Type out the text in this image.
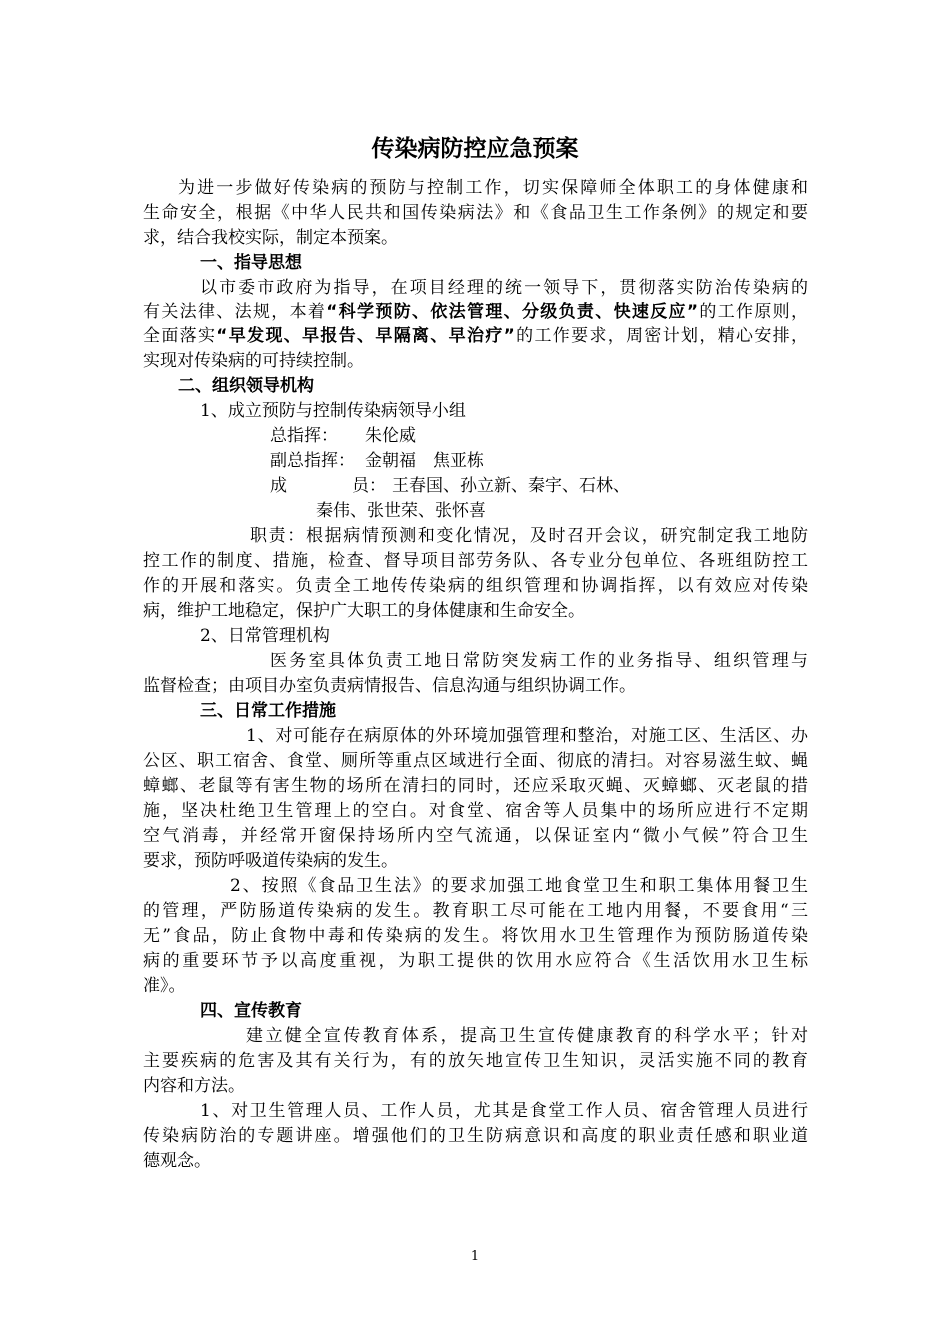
传染病防控应急预案
为进一步做好传染病的预防与控制工作，切实保障师全体职工的身体健康和
生命安全，根据《中华人民共和国传染病法》和《食品卫生工作条例》的规定和要
求，结合我校实际，制定本预案。
一、指导思想
以市委市政府为指导，在项目经理的统一领导下，贯彻落实防治传染病的
有关法律、法规，本着“科学预防、依法管理、分级负责、快速反应”的工作原则，
全面落实“早发现、早报告、早隔离、早治疗”的工作要求，周密计划，精心安排，
实现对传染病的可持续控制。
二、组织领导机构
1、成立预防与控制传染病领导小组
总指挥： 朱伦威
副总指挥： 金朝福　焦亚栋
成	员： 王春国、孙立新、秦宇、石林、
秦伟、张世荣、张怀喜
职责：根据病情预测和变化情况，及时召开会议，研究制定我工地防
控工作的制度、措施，检查、督导项目部劳务队、各专业分包单位、各班组防控工
作的开展和落实。负责全工地传传染病的组织管理和协调指挥，以有效应对传染
病，维护工地稳定，保护广大职工的身体健康和生命安全。
2、日常管理机构
医务室具体负责工地日常防突发病工作的业务指导、组织管理与
监督检查；由项目办室负责病情报告、信息沟通与组织协调工作。
三、日常工作措施
1、对可能存在病原体的外环境加强管理和整治，对施工区、生活区、办
公区、职工宿舍、食堂、厕所等重点区域进行全面、彻底的清扫。对容易滋生蚊、蝇
蟑螂、老鼠等有害生物的场所在清扫的同时，还应采取灭蝇、灭蟑螂、灭老鼠的措
施，坚决杜绝卫生管理上的空白。对食堂、宿舍等人员集中的场所应进行不定期
空气消毒，并经常开窗保持场所内空气流通，以保证室内“微小气候”符合卫生
要求，预防呼吸道传染病的发生。
2、按照《食品卫生法》的要求加强工地食堂卫生和职工集体用餐卫生
的管理，严防肠道传染病的发生。教育职工尽可能在工地内用餐，不要食用“三
无”食品，防止食物中毒和传染病的发生。将饮用水卫生管理作为预防肠道传染
病的重要环节予以高度重视，为职工提供的饮用水应符合《生活饮用水卫生标
准》。
四、宣传教育
建立健全宣传教育体系，提高卫生宣传健康教育的科学水平；针对
主要疾病的危害及其有关行为，有的放矢地宣传卫生知识，灵活实施不同的教育
内容和方法。
1、对卫生管理人员、工作人员，尤其是食堂工作人员、宿舍管理人员进行
传染病防治的专题讲座。增强他们的卫生防病意识和高度的职业责任感和职业道
德观念。
1
